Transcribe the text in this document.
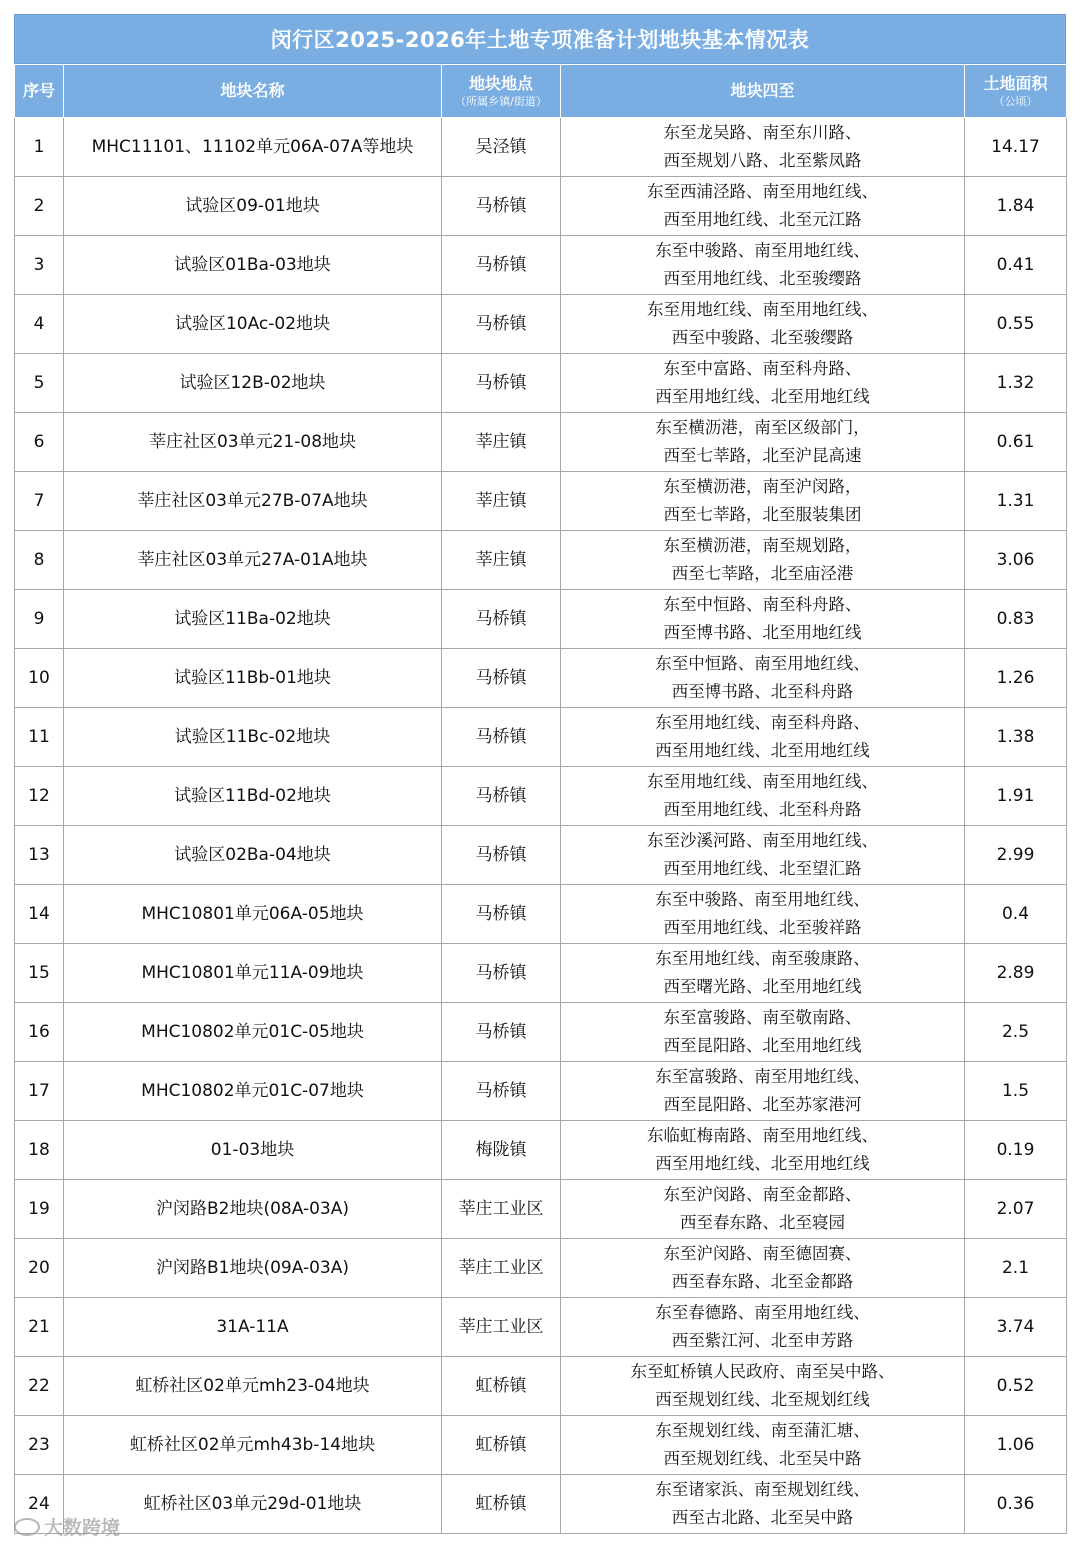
闵行区2025-2026年土地专项准备计划地块基本情况表
序号	地块名称	地块地点
（所属乡镇/街道）	地块四至	土地面积
（公顷）

1	MHC11101、11102单元06A-07A等地块	吴泾镇	东至龙吴路、南至东川路、
西至规划八路、北至紫凤路	14.17
2	试验区09-01地块	马桥镇	东至西浦泾路、南至用地红线、
西至用地红线、北至元江路	1.84
3	试验区01Ba-03地块	马桥镇	东至中骏路、南至用地红线、
西至用地红线、北至骏缨路	0.41
4	试验区10Ac-02地块	马桥镇	东至用地红线、南至用地红线、
西至中骏路、北至骏缨路	0.55
5	试验区12B-02地块	马桥镇	东至中富路、南至科舟路、
西至用地红线、北至用地红线	1.32
6	莘庄社区03单元21-08地块	莘庄镇	东至横沥港，南至区级部门，
西至七莘路，北至沪昆高速	0.61
7	莘庄社区03单元27B-07A地块	莘庄镇	东至横沥港，南至沪闵路，
西至七莘路，北至服装集团	1.31
8	莘庄社区03单元27A-01A地块	莘庄镇	东至横沥港，南至规划路，
西至七莘路，北至庙泾港	3.06
9	试验区11Ba-02地块	马桥镇	东至中恒路、南至科舟路、
西至博书路、北至用地红线	0.83
10	试验区11Bb-01地块	马桥镇	东至中恒路、南至用地红线、
西至博书路、北至科舟路	1.26
11	试验区11Bc-02地块	马桥镇	东至用地红线、南至科舟路、
西至用地红线、北至用地红线	1.38
12	试验区11Bd-02地块	马桥镇	东至用地红线、南至用地红线、
西至用地红线、北至科舟路	1.91
13	试验区02Ba-04地块	马桥镇	东至沙溪河路、南至用地红线、
西至用地红线、北至望汇路	2.99
14	MHC10801单元06A-05地块	马桥镇	东至中骏路、南至用地红线、
西至用地红线、北至骏祥路	0.4
15	MHC10801单元11A-09地块	马桥镇	东至用地红线、南至骏康路、
西至曙光路、北至用地红线	2.89
16	MHC10802单元01C-05地块	马桥镇	东至富骏路、南至敬南路、
西至昆阳路、北至用地红线	2.5
17	MHC10802单元01C-07地块	马桥镇	东至富骏路、南至用地红线、
西至昆阳路、北至苏家港河	1.5
18	01-03地块	梅陇镇	东临虹梅南路、南至用地红线、
西至用地红线、北至用地红线	0.19
19	沪闵路B2地块(08A-03A)	莘庄工业区	东至沪闵路、南至金都路、
西至春东路、北至寝园	2.07
20	沪闵路B1地块(09A-03A)	莘庄工业区	东至沪闵路、南至德固赛、
西至春东路、北至金都路	2.1
21	31A-11A	莘庄工业区	东至春德路、南至用地红线、
西至紫江河、北至申芳路	3.74
22	虹桥社区02单元mh23-04地块	虹桥镇	东至虹桥镇人民政府、南至吴中路、
西至规划红线、北至规划红线	0.52
23	虹桥社区02单元mh43b-14地块	虹桥镇	东至规划红线、南至蒲汇塘、
西至规划红线、北至吴中路	1.06
24	虹桥社区03单元29d-01地块	虹桥镇	东至诸家浜、南至规划红线、
西至古北路、北至吴中路	0.36
大数跨境
